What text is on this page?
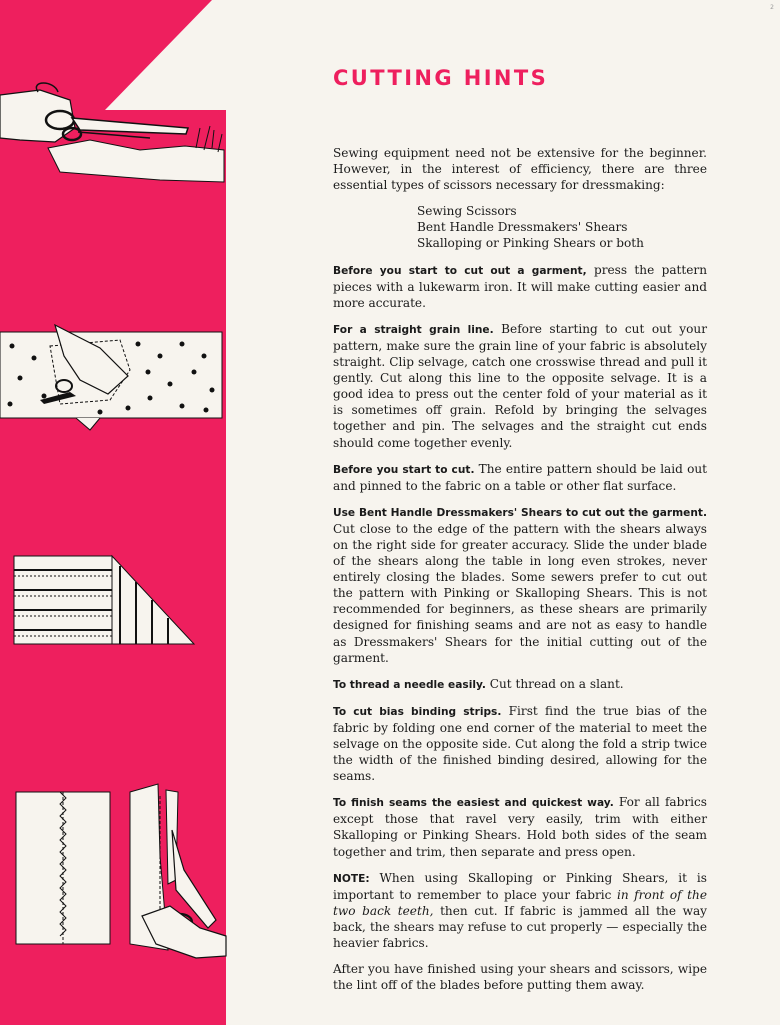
2
CUTTING HINTS

Sewing equipment need not be extensive for the beginner. However, in the interest of efficiency, there are three essential types of scissors necessary for dressmaking:

Sewing Scissors
Bent Handle Dressmakers' Shears
Skalloping or Pinking Shears or both

Before you start to cut out a garment, press the pattern pieces with a lukewarm iron. It will make cutting easier and more accurate.

For a straight grain line. Before starting to cut out your pattern, make sure the grain line of your fabric is absolutely straight. Clip selvage, catch one crosswise thread and pull it gently. Cut along this line to the opposite selvage. It is a good idea to press out the center fold of your material as it is sometimes off grain. Refold by bringing the selvages together and pin. The selvages and the straight cut ends should come together evenly.

Before you start to cut. The entire pattern should be laid out and pinned to the fabric on a table or other flat surface.

Use Bent Handle Dressmakers' Shears to cut out the garment. Cut close to the edge of the pattern with the shears always on the right side for greater accuracy. Slide the under blade of the shears along the table in long even strokes, never entirely closing the blades. Some sewers prefer to cut out the pattern with Pinking or Skalloping Shears. This is not recommended for beginners, as these shears are primarily designed for finishing seams and are not as easy to handle as Dressmakers' Shears for the initial cutting out of the garment.

To thread a needle easily. Cut thread on a slant.

To cut bias binding strips. First find the true bias of the fabric by folding one end corner of the material to meet the selvage on the opposite side. Cut along the fold a strip twice the width of the finished binding desired, allowing for the seams.

To finish seams the easiest and quickest way. For all fabrics except those that ravel very easily, trim with either Skalloping or Pinking Shears. Hold both sides of the seam together and trim, then separate and press open.

NOTE: When using Skalloping or Pinking Shears, it is important to remember to place your fabric in front of the two back teeth, then cut. If fabric is jammed all the way back, the shears may refuse to cut properly — especially the heavier fabrics.

After you have finished using your shears and scissors, wipe the lint off of the blades before putting them away.
